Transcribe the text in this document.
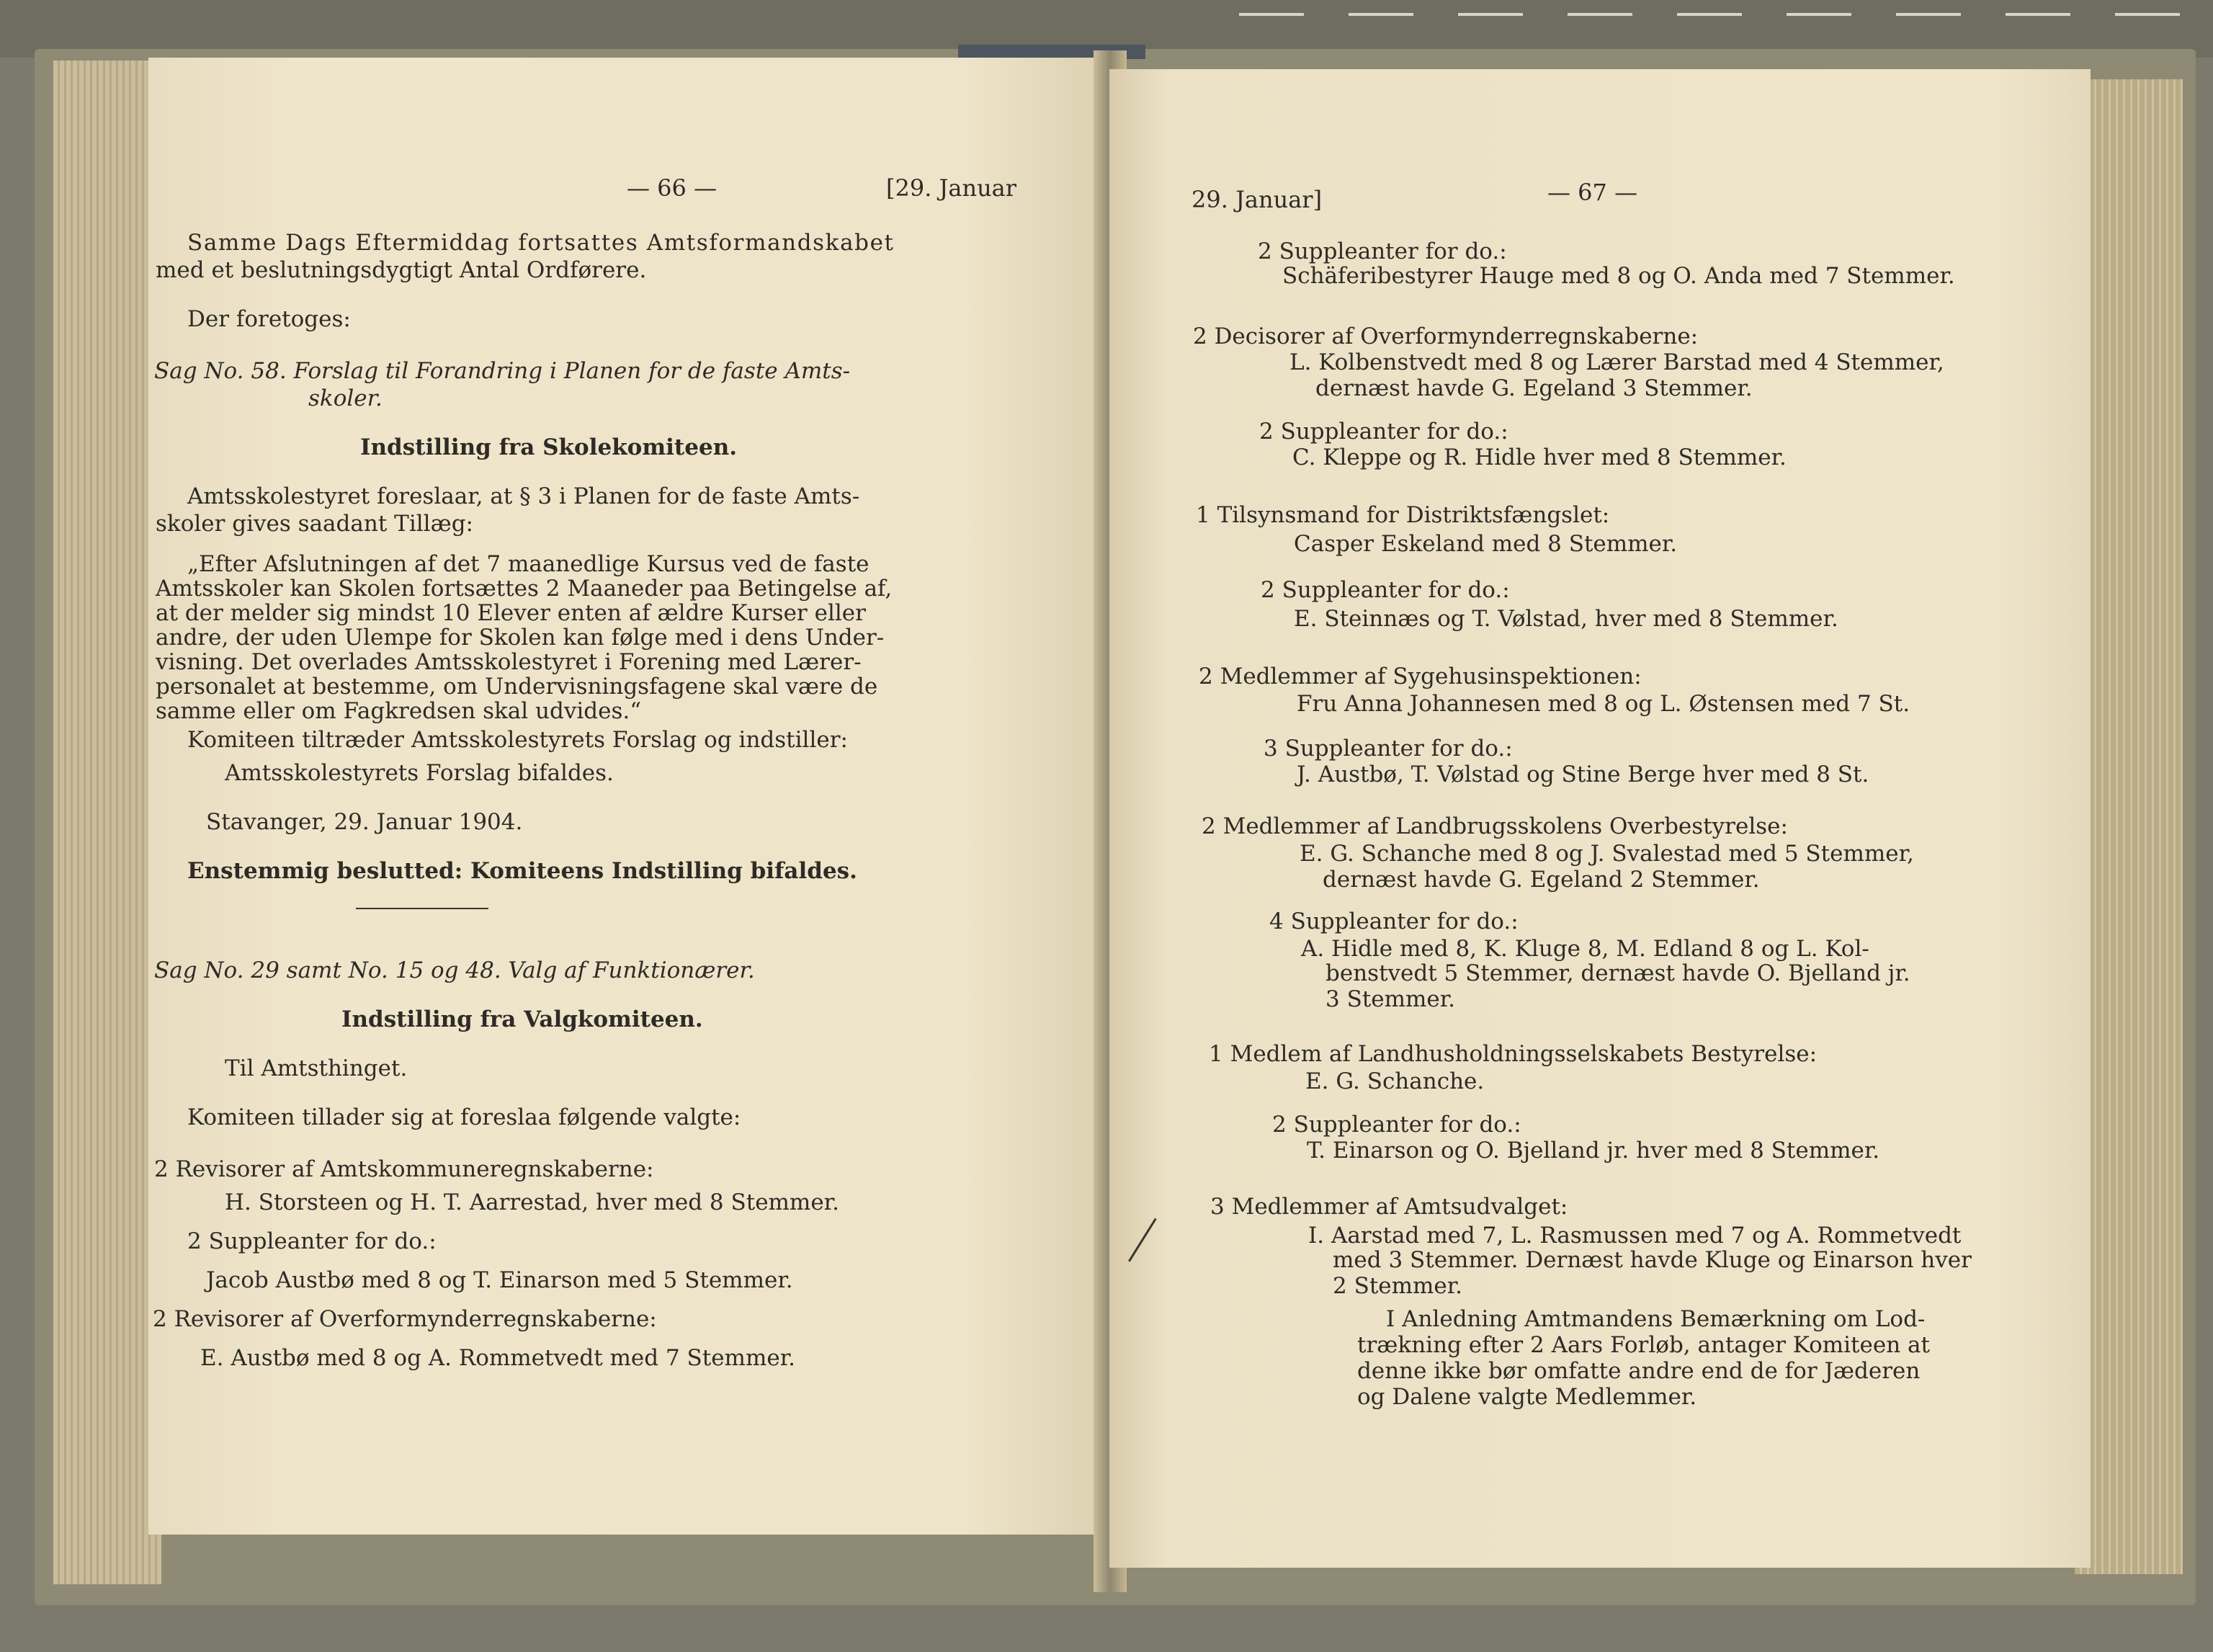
— 66 —	[29. Januar
Samme Dags Eftermiddag fortsattes Amtsformandskabet
med et beslutningsdygtigt Antal Ordførere.
Der foretoges:
Sag No. 58. Forslag til Forandring i Planen for de faste Amts-
skoler.
Indstilling fra Skolekomiteen.
Amtsskolestyret foreslaar, at § 3 i Planen for de faste Amts-
skoler gives saadant Tillæg:
„Efter Afslutningen af det 7 maanedlige Kursus ved de faste
Amtsskoler kan Skolen fortsættes 2 Maaneder paa Betingelse af,
at der melder sig mindst 10 Elever enten af ældre Kurser eller
andre, der uden Ulempe for Skolen kan følge med i dens Under-
visning. Det overlades Amtsskolestyret i Forening med Lærer-
personalet at bestemme, om Undervisningsfagene skal være de
samme eller om Fagkredsen skal udvides.“
Komiteen tiltræder Amtsskolestyrets Forslag og indstiller:
Amtsskolestyrets Forslag bifaldes.
Stavanger, 29. Januar 1904.
Enstemmig beslutted: Komiteens Indstilling bifaldes.
Sag No. 29 samt No. 15 og 48. Valg af Funktionærer.
Indstilling fra Valgkomiteen.
Til Amtsthinget.
Komiteen tillader sig at foreslaa følgende valgte:
2 Revisorer af Amtskommuneregnskaberne:
H. Storsteen og H. T. Aarrestad, hver med 8 Stemmer.
2 Suppleanter for do.:
Jacob Austbø med 8 og T. Einarson med 5 Stemmer.
2 Revisorer af Overformynderregnskaberne:
E. Austbø med 8 og A. Rommetvedt med 7 Stemmer.
29. Januar]	— 67 —
2 Suppleanter for do.:
Schäferibestyrer Hauge med 8 og O. Anda med 7 Stemmer.
2 Decisorer af Overformynderregnskaberne:
L. Kolbenstvedt med 8 og Lærer Barstad med 4 Stemmer,
dernæst havde G. Egeland 3 Stemmer.
2 Suppleanter for do.:
C. Kleppe og R. Hidle hver med 8 Stemmer.
1 Tilsynsmand for Distriktsfængslet:
Casper Eskeland med 8 Stemmer.
2 Suppleanter for do.:
E. Steinnæs og T. Vølstad, hver med 8 Stemmer.
2 Medlemmer af Sygehusinspektionen:
Fru Anna Johannesen med 8 og L. Østensen med 7 St.
3 Suppleanter for do.:
J. Austbø, T. Vølstad og Stine Berge hver med 8 St.
2 Medlemmer af Landbrugsskolens Overbestyrelse:
E. G. Schanche med 8 og J. Svalestad med 5 Stemmer,
dernæst havde G. Egeland 2 Stemmer.
4 Suppleanter for do.:
A. Hidle med 8, K. Kluge 8, M. Edland 8 og L. Kol-
benstvedt 5 Stemmer, dernæst havde O. Bjelland jr.
3 Stemmer.
1 Medlem af Landhusholdningsselskabets Bestyrelse:
E. G. Schanche.
2 Suppleanter for do.:
T. Einarson og O. Bjelland jr. hver med 8 Stemmer.
3 Medlemmer af Amtsudvalget:
I. Aarstad med 7, L. Rasmussen med 7 og A. Rommetvedt
med 3 Stemmer. Dernæst havde Kluge og Einarson hver
2 Stemmer.
I Anledning Amtmandens Bemærkning om Lod-
trækning efter 2 Aars Forløb, antager Komiteen at
denne ikke bør omfatte andre end de for Jæderen
og Dalene valgte Medlemmer.
